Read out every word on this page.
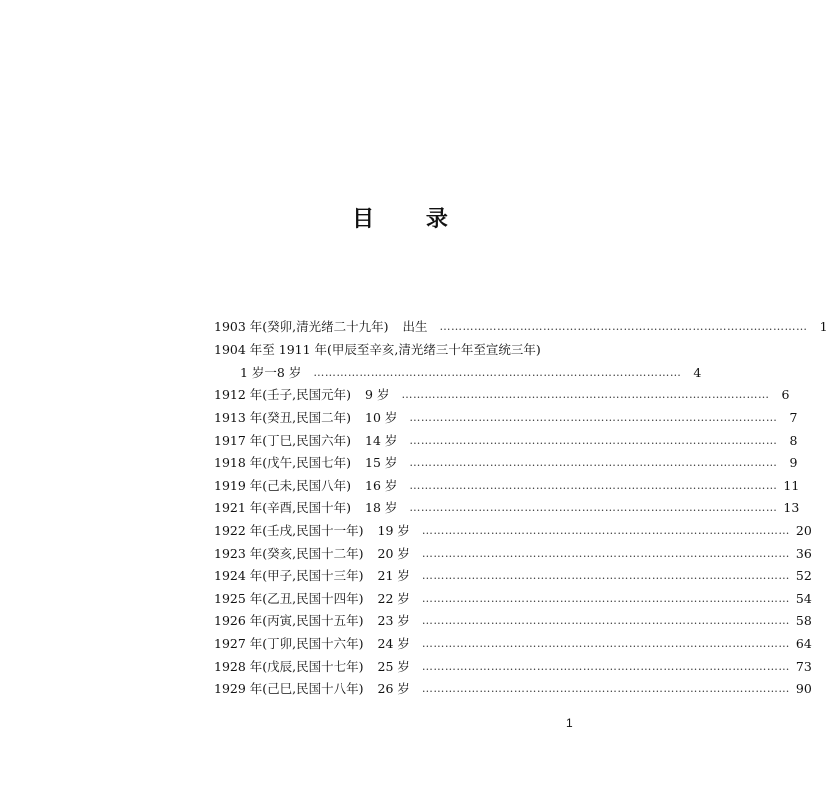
目 录
1903 年(癸卯,清光绪二十九年) 出生 …………………………………………………………………………………… 1
1904 年至 1911 年(甲辰至辛亥,清光绪三十年至宣统三年)
1 岁一8 岁 …………………………………………………………………………………… 4
1912 年(壬子,民国元年) 9 岁 …………………………………………………………………………………… 6
1913 年(癸丑,民国二年) 10 岁 …………………………………………………………………………………… 7
1917 年(丁巳,民国六年) 14 岁 …………………………………………………………………………………… 8
1918 年(戊午,民国七年) 15 岁 …………………………………………………………………………………… 9
1919 年(己未,民国八年) 16 岁 …………………………………………………………………………………… 11
1921 年(辛酉,民国十年) 18 岁 …………………………………………………………………………………… 13
1922 年(壬戌,民国十一年) 19 岁 …………………………………………………………………………………… 20
1923 年(癸亥,民国十二年) 20 岁 …………………………………………………………………………………… 36
1924 年(甲子,民国十三年) 21 岁 …………………………………………………………………………………… 52
1925 年(乙丑,民国十四年) 22 岁 …………………………………………………………………………………… 54
1926 年(丙寅,民国十五年) 23 岁 …………………………………………………………………………………… 58
1927 年(丁卯,民国十六年) 24 岁 …………………………………………………………………………………… 64
1928 年(戊辰,民国十七年) 25 岁 …………………………………………………………………………………… 73
1929 年(己巳,民国十八年) 26 岁 …………………………………………………………………………………… 90
1
